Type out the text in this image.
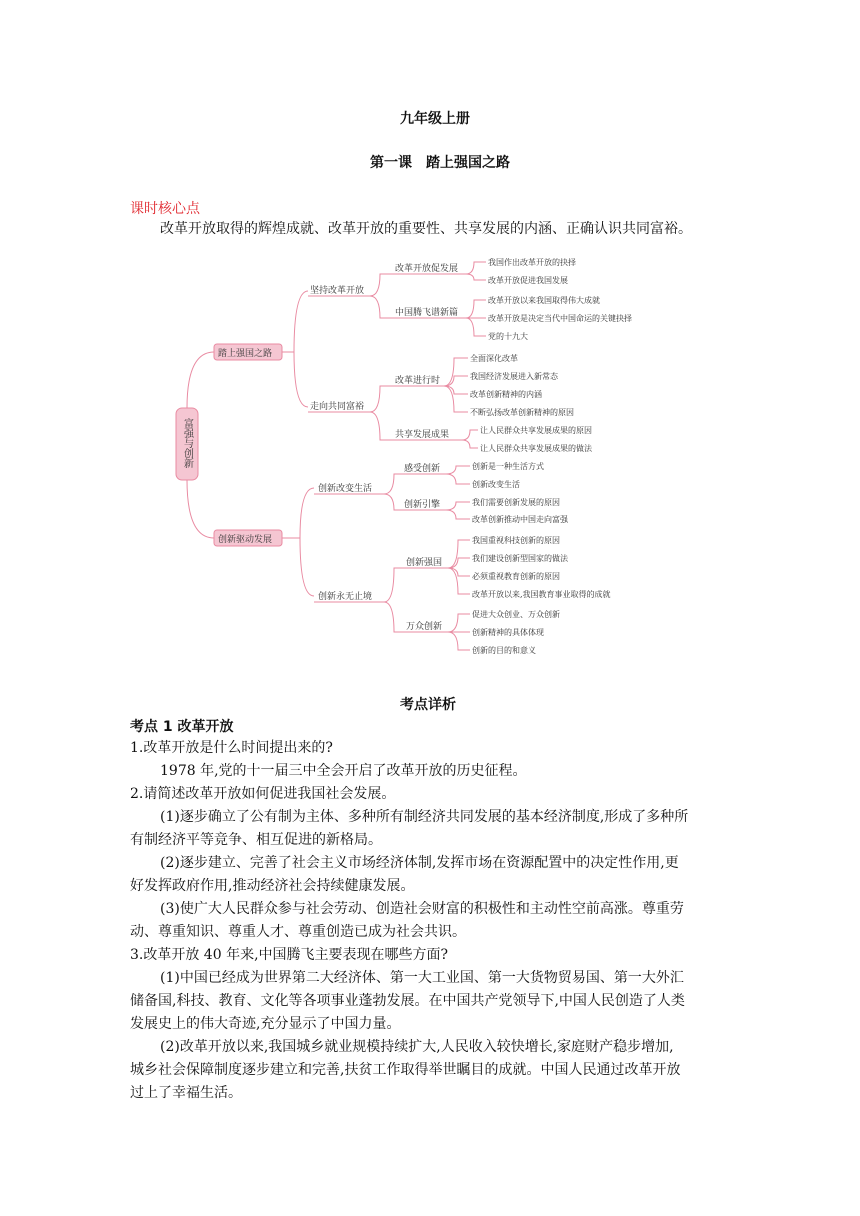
九年级上册
第一课　踏上强国之路
课时核心点
改革开放取得的辉煌成就、改革开放的重要性、共享发展的内涵、正确认识共同富裕。
富强与创新
踏上强国之路
创新驱动发展
坚持改革开放
走向共同富裕
创新改变生活
创新永无止境
改革开放促发展
中国腾飞谱新篇
改革进行时
共享发展成果
感受创新
创新引擎
创新强国
万众创新
我国作出改革开放的抉择
改革开放促进我国发展
改革开放以来我国取得伟大成就
改革开放是决定当代中国命运的关键抉择
党的十九大
全面深化改革
我国经济发展进入新常态
改革创新精神的内涵
不断弘扬改革创新精神的原因
让人民群众共享发展成果的原因
让人民群众共享发展成果的做法
创新是一种生活方式
创新改变生活
我们需要创新发展的原因
改革创新推动中国走向富强
我国重视科技创新的原因
我们建设创新型国家的做法
必须重视教育创新的原因
改革开放以来,我国教育事业取得的成就
促进大众创业、万众创新
创新精神的具体体现
创新的目的和意义
考点详析
考点 1 改革开放
1.改革开放是什么时间提出来的?
1978 年,党的十一届三中全会开启了改革开放的历史征程。
2.请简述改革开放如何促进我国社会发展。
(1)逐步确立了公有制为主体、多种所有制经济共同发展的基本经济制度,形成了多种所
有制经济平等竞争、相互促进的新格局。
(2)逐步建立、完善了社会主义市场经济体制,发挥市场在资源配置中的决定性作用,更
好发挥政府作用,推动经济社会持续健康发展。
(3)使广大人民群众参与社会劳动、创造社会财富的积极性和主动性空前高涨。尊重劳
动、尊重知识、尊重人才、尊重创造已成为社会共识。
3.改革开放 40 年来,中国腾飞主要表现在哪些方面?
(1)中国已经成为世界第二大经济体、第一大工业国、第一大货物贸易国、第一大外汇
储备国,科技、教育、文化等各项事业蓬勃发展。在中国共产党领导下,中国人民创造了人类
发展史上的伟大奇迹,充分显示了中国力量。
(2)改革开放以来,我国城乡就业规模持续扩大,人民收入较快增长,家庭财产稳步增加,
城乡社会保障制度逐步建立和完善,扶贫工作取得举世瞩目的成就。中国人民通过改革开放
过上了幸福生活。
